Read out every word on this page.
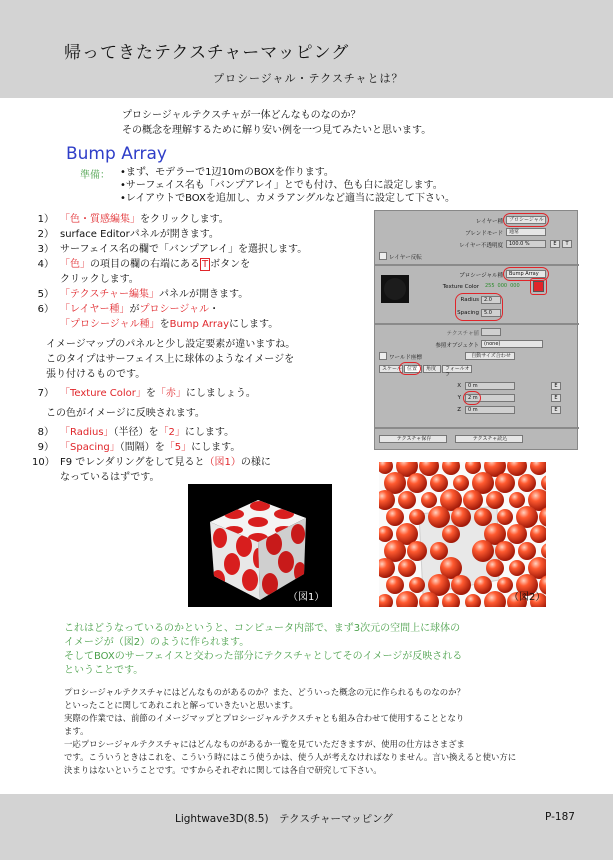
帰ってきたテクスチャーマッピング
プロシージャル・テクスチャとは？
プロシージャルテクスチャが一体どんなものなのか？
その概念を理解するために解り安い例を一つ見てみたいと思います。
Bump Array
準備： •まず、モデラーで1辺10mのBOXを作ります。
•サーフェイス名も「バンプアレイ」とでも付け、色も白に設定します。
•レイアウトでBOXを追加し、カメラアングルなど適当に設定して下さい。
1） 「色・質感編集」をクリックします。
2） surface Editorパネルが開きます。
3） サーフェイス名の欄で「バンプアレイ」を選択します。
4） 「色」の項目の欄の右端にある T ボタンを
クリックします。
5） 「テクスチャー編集」パネルが開きます。
6） 「レイヤー種」がプロシージャル・
「プロシージャル種」をBump Arrayにします。
イメージマップのパネルと少し設定要素が違いますね。
このタイプはサーフェイス上に球体のようなイメージを
張り付けるものです。
7） 「Texture Color」を「赤」にしましょう。
この色がイメージに反映されます。
8） 「Radius」（半径）を「2」にします。
9） 「Spacing」（間隔）を「5」にします。
10） F9 でレンダリングをして見ると（図1）の様に
なっているはずです。
レイヤー種	プロシージャル
ブレンドモード	通常
レイヤー不透明度	100.0 %	E	T
レイヤー反転
プロシージャル種	Bump Array
Texture Color 255 000 000
Radius	2.0
Spacing	5.0
テクスチャ値
参照オブジェクト	(none)
ワールド座標	自動サイズ合わせ
スケール	位置	角度	フォールオフ
X	0 m	E
Y	2 m	E
Z	0 m	E
テクスチャ保存	テクスチャ読込
（図1）	（図2）
これはどうなっているのかというと、コンピュータ内部で、まず3次元の空間上に球体の
イメージが（図2）のように作られます。
そしてBOXのサーフェイスと交わった部分にテクスチャとしてそのイメージが反映される
ということです。
プロシージャルテクスチャにはどんなものがあるのか？また、どういった概念の元に作られるものなのか？
といったことに関してあれこれと解っていきたいと思います。
実際の作業では、前節のイメージマップとプロシージャルテクスチャとも組み合わせて使用することとなり
ます。
一応プロシージャルテクスチャにはどんなものがあるか一覧を見ていただきますが、使用の仕方はさまざま
です。こういうときはこれを、こういう時にはこう使うかは、使う人が考えなければなりません。言い換えると使い方に
決まりはないということです。ですからそれぞれに関しては各自で研究して下さい。
Lightwave3D(8.5)　テクスチャーマッピング	P-187
